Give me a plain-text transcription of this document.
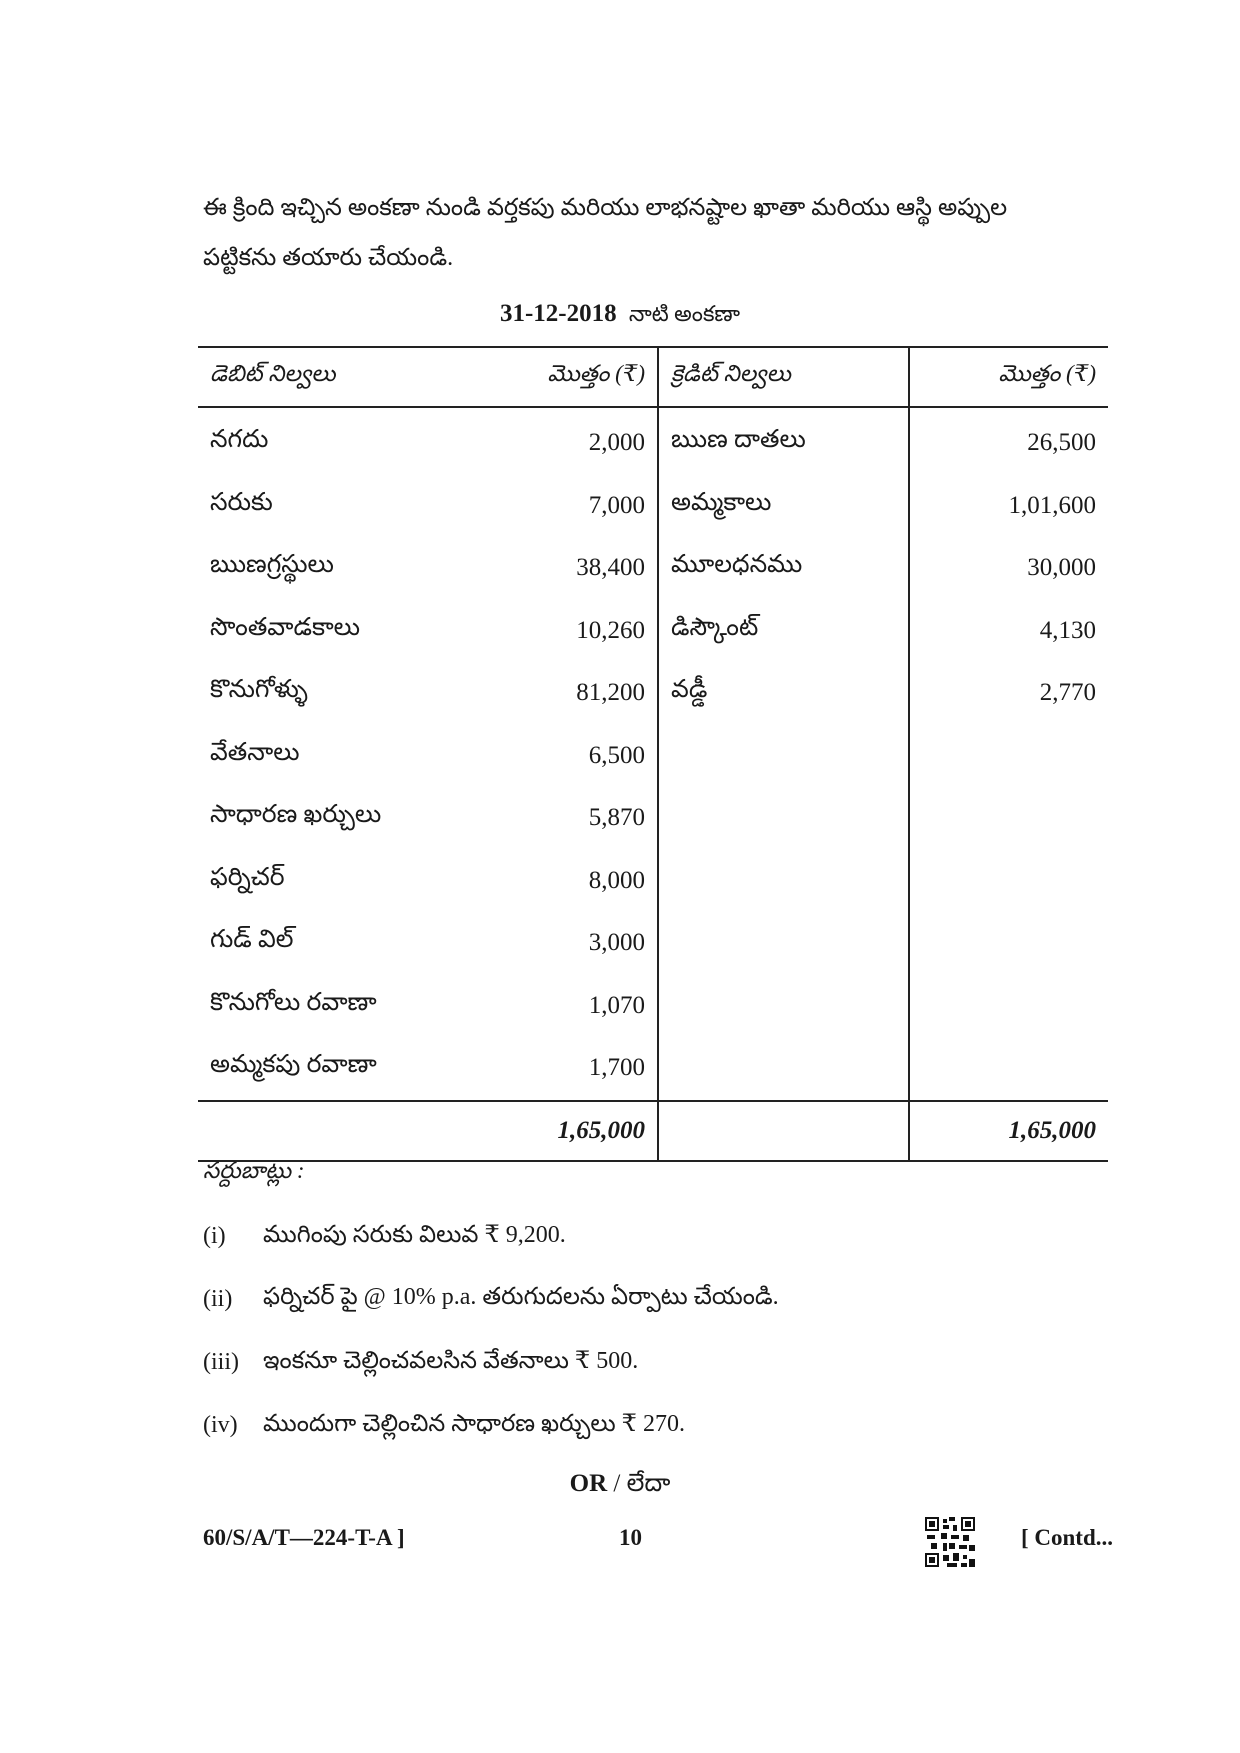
ఈ క్రింది ఇచ్చిన అంకణా నుండి వర్తకపు మరియు లాభనష్టాల ఖాతా మరియు ఆస్థి అప్పుల

పట్టికను తయారు చేయండి.

31-12-2018 నాటి అంకణా
డెబిట్ నిల్వలు	మొత్తం (₹)	క్రెడిట్ నిల్వలు	మొత్తం (₹)
నగదు	2,000	ఋణ దాతలు	26,500
సరుకు	7,000	అమ్మకాలు	1,01,600
ఋణగ్రస్థులు	38,400	మూలధనము	30,000
సొంతవాడకాలు	10,260	డిస్కౌంట్	4,130
కొనుగోళ్ళు	81,200	వడ్డీ	2,770
వేతనాలు	6,500		
సాధారణ ఖర్చులు	5,870		
ఫర్నిచర్	8,000		
గుడ్ విల్	3,000		
కొనుగోలు రవాణా	1,070		
అమ్మకపు రవాణా	1,700		
	1,65,000		1,65,000
సర్దుబాట్లు :
(i)	ముగింపు సరుకు విలువ ₹ 9,200.
(ii)	ఫర్నిచర్ పై @ 10% p.a. తరుగుదలను ఏర్పాటు చేయండి.
(iii)	ఇంకనూ చెల్లించవలసిన వేతనాలు ₹ 500.
(iv)	ముందుగా చెల్లించిన సాధారణ ఖర్చులు ₹ 270.
OR / లేదా
60/S/A/T—224-T-A ]	10	[ Contd...
